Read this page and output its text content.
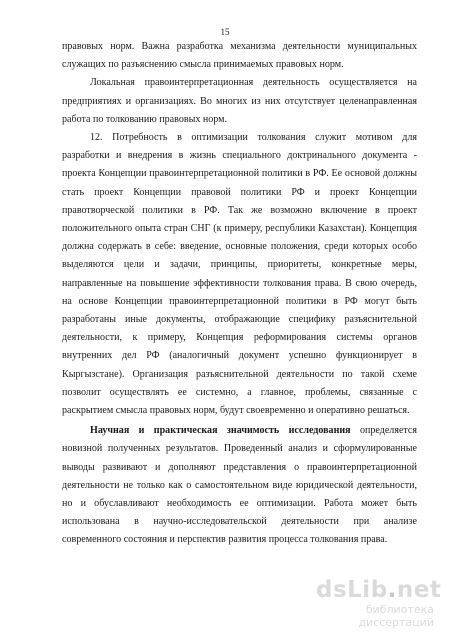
15

правовых норм. Важна разработка механизма деятельности муниципальных служащих по разъяснению смысла принимаемых правовых норм.

Локальная правоинтерпретационная деятельность осуществляется на предприятиях и организациях. Во многих из них отсутствует целенаправленная работа по толкованию правовых норм.

12. Потребность в оптимизации толкования служит мотивом для разработки и внедрения в жизнь специального доктринального документа - проекта Концепции правоинтерпретационной политики в РФ. Ее основой должны стать проект Концепции правовой политики РФ и проект Концепции правотворческой политики в РФ. Так же возможно включение в проект положительного опыта стран СНГ (к примеру, республики Казахстан). Концепция должна содержать в себе: введение, основные положения, среди которых особо выделяются цели и задачи, принципы, приоритеты, конкретные меры, направленные на повышение эффективности толкования права. В свою очередь, на основе Концепции правоинтерпретационной политики в РФ могут быть разработаны иные документы, отображающие специфику разъяснительной деятельности, к примеру, Концепция реформирования системы органов внутренних дел РФ (аналогичный документ успешно функционирует в Кыргызстане). Организация разъяснительной деятельности по такой схеме позволит осуществлять ее системно, а главное, проблемы, связанные с раскрытием смысла правовых норм, будут своевременно и оперативно решаться.

Научная и практическая значимость исследования определяется новизной полученных результатов. Проведенный анализ и сформулированные выводы развивают и дополняют представления о правоинтерпретационной деятельности не только как о самостоятельном виде юридической деятельности, но и обуславливают необходимость ее оптимизации. Работа может быть использована в научно-исследовательской деятельности при анализе современного состояния и перспектив развития процесса толкования права.

dsLib.net
библиотека диссертаций
